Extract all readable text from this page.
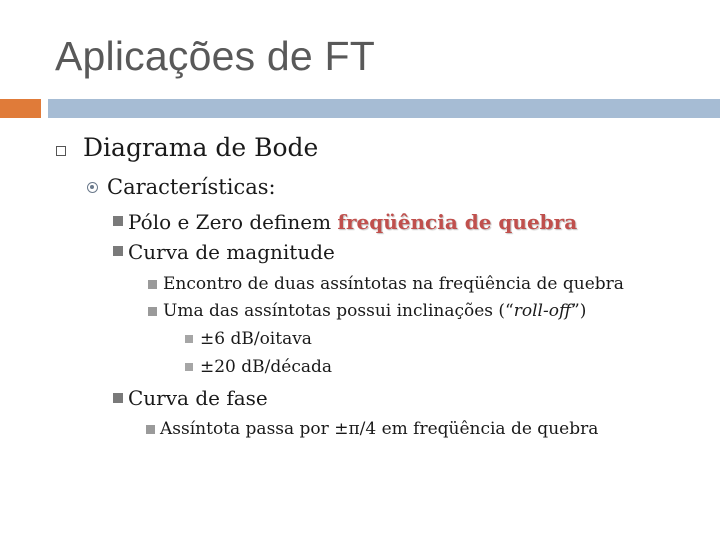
Aplicações de FT
Diagrama de Bode
Características:
Pólo e Zero definem freqüência de quebra
Curva de magnitude
Encontro de duas assíntotas na freqüência de quebra
Uma das assíntotas possui inclinações (“roll-off”)
±6 dB/oitava
±20 dB/década
Curva de fase
Assíntota passa por ±π/4 em freqüência de quebra
